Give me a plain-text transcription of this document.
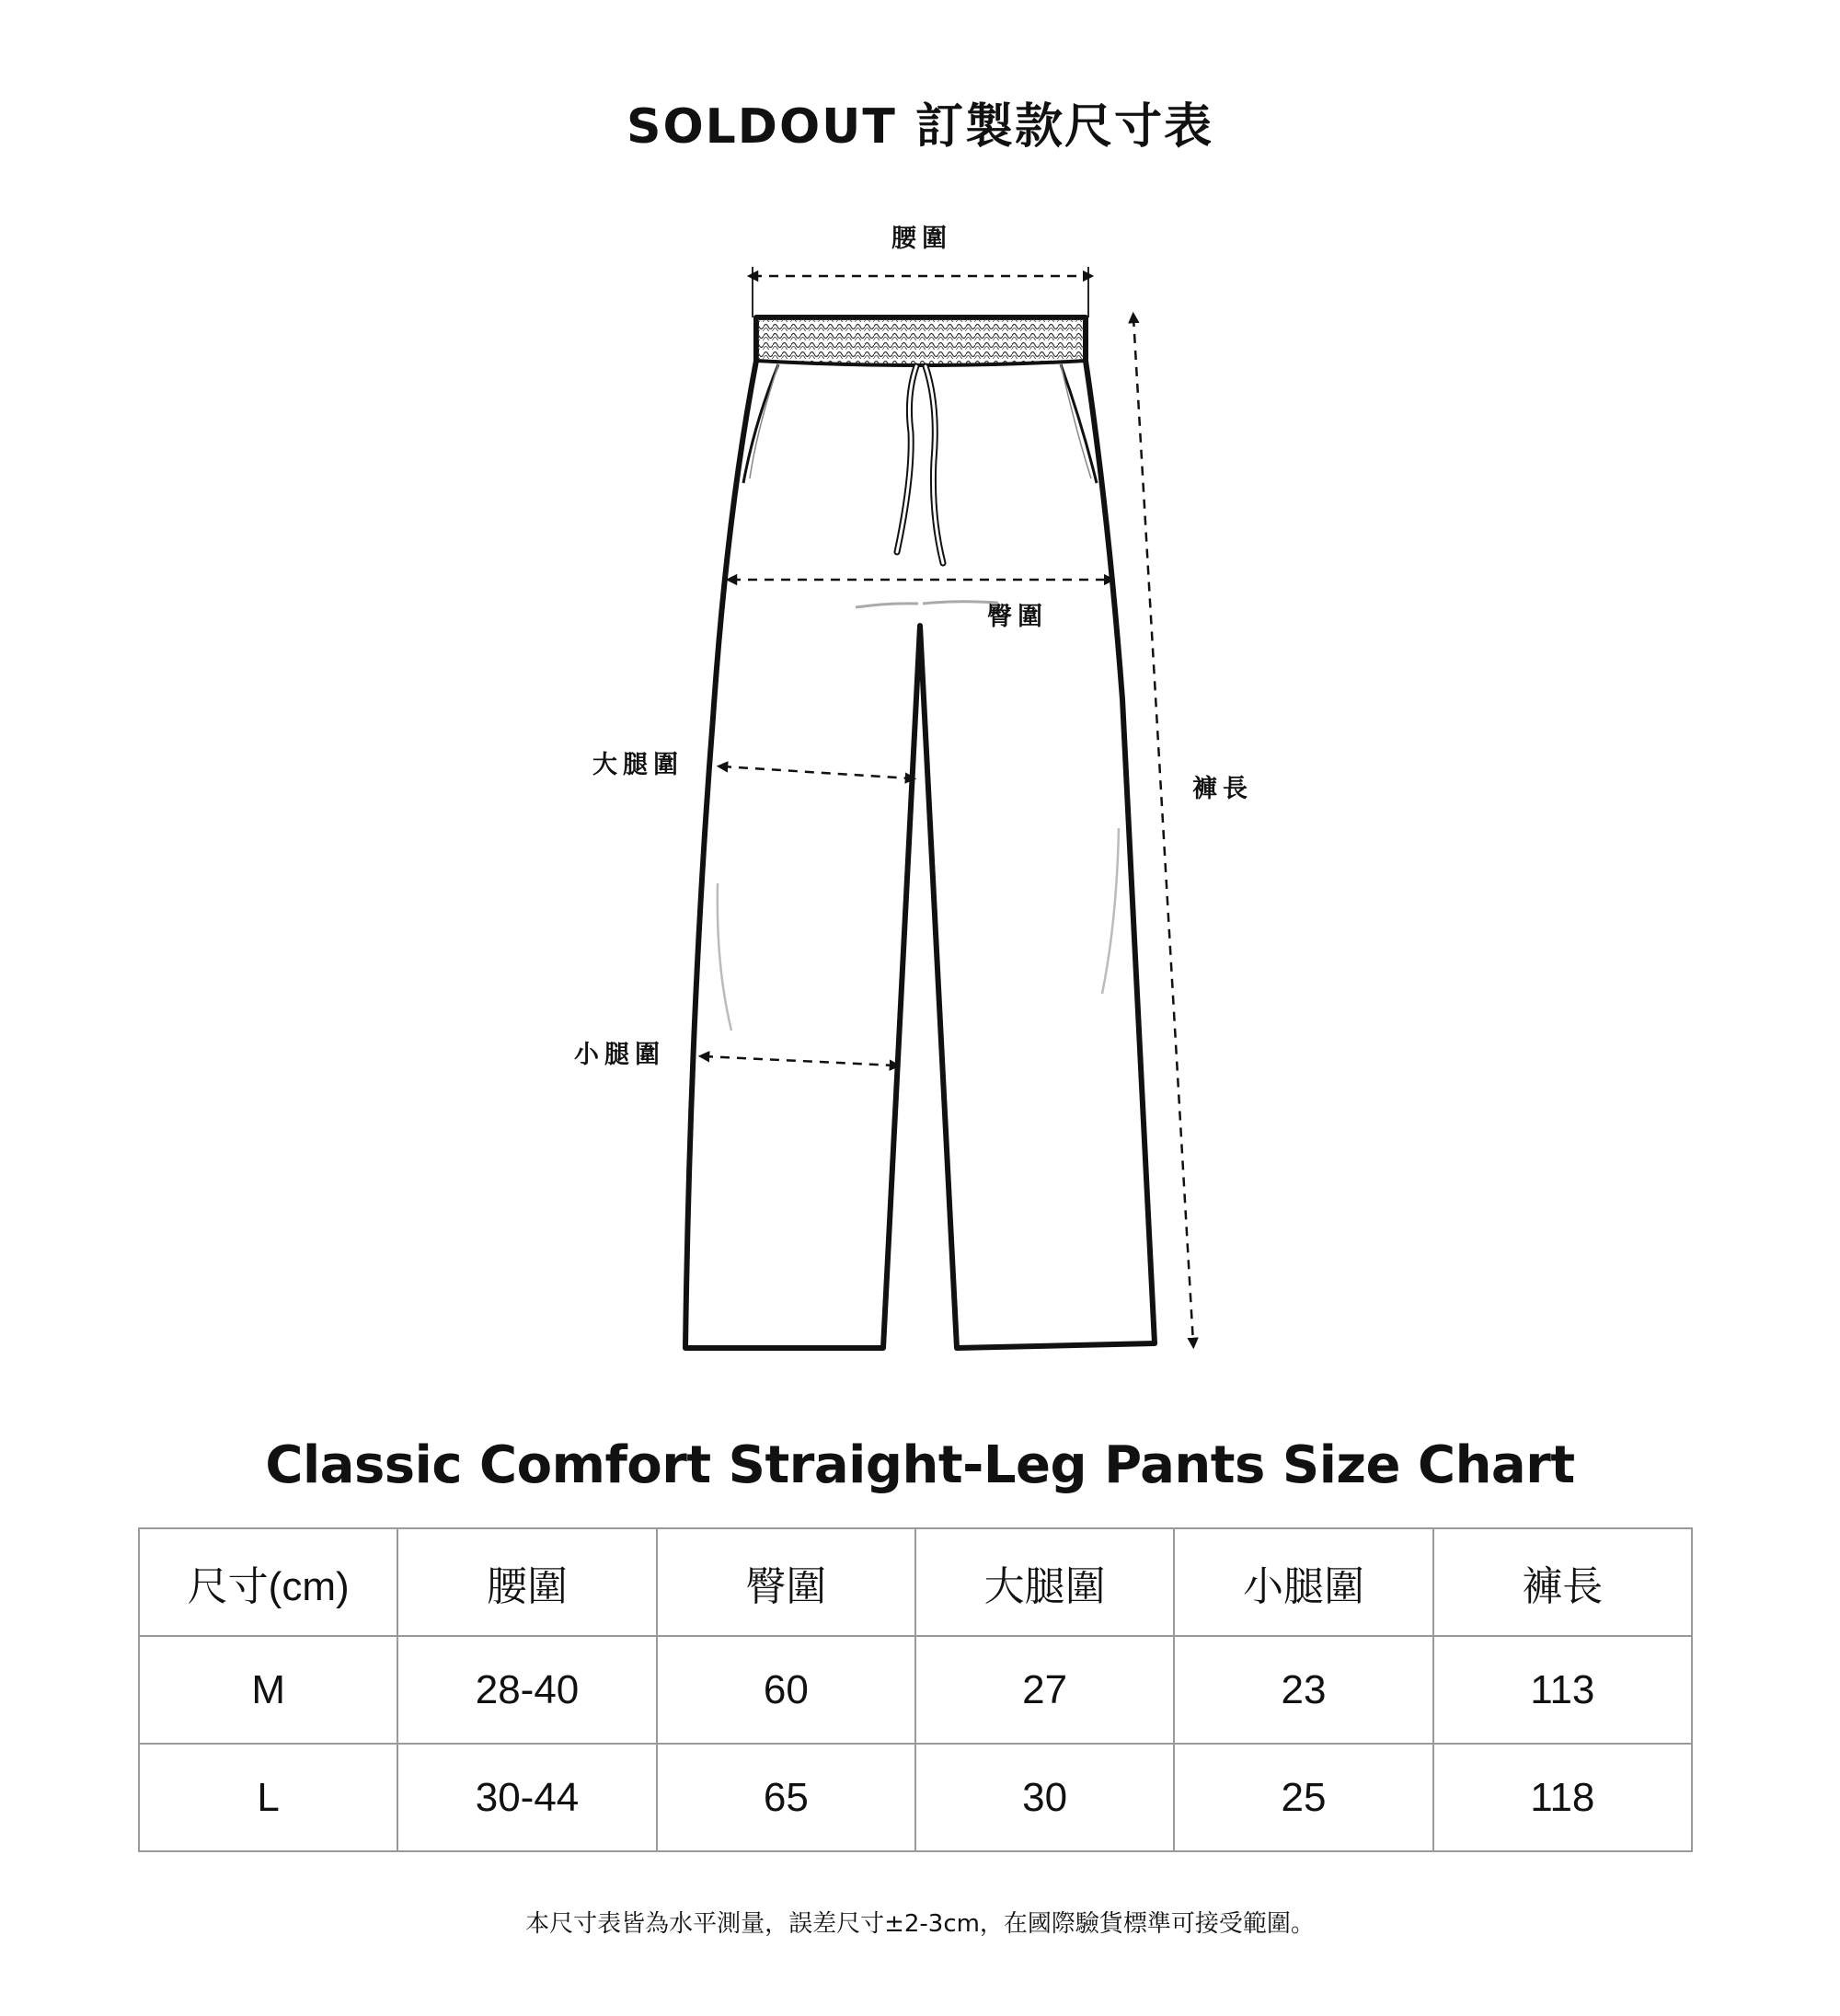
SOLDOUT 訂製款尺寸表
腰圍
臀圍
大腿圍
小腿圍
褲長
Classic Comfort Straight-Leg Pants Size Chart
尺寸(cm)	腰圍	臀圍	大腿圍	小腿圍	褲長
M	28-40	60	27	23	113
L	30-44	65	30	25	118
本尺寸表皆為水平測量，誤差尺寸±2-3cm，在國際驗貨標準可接受範圍。
